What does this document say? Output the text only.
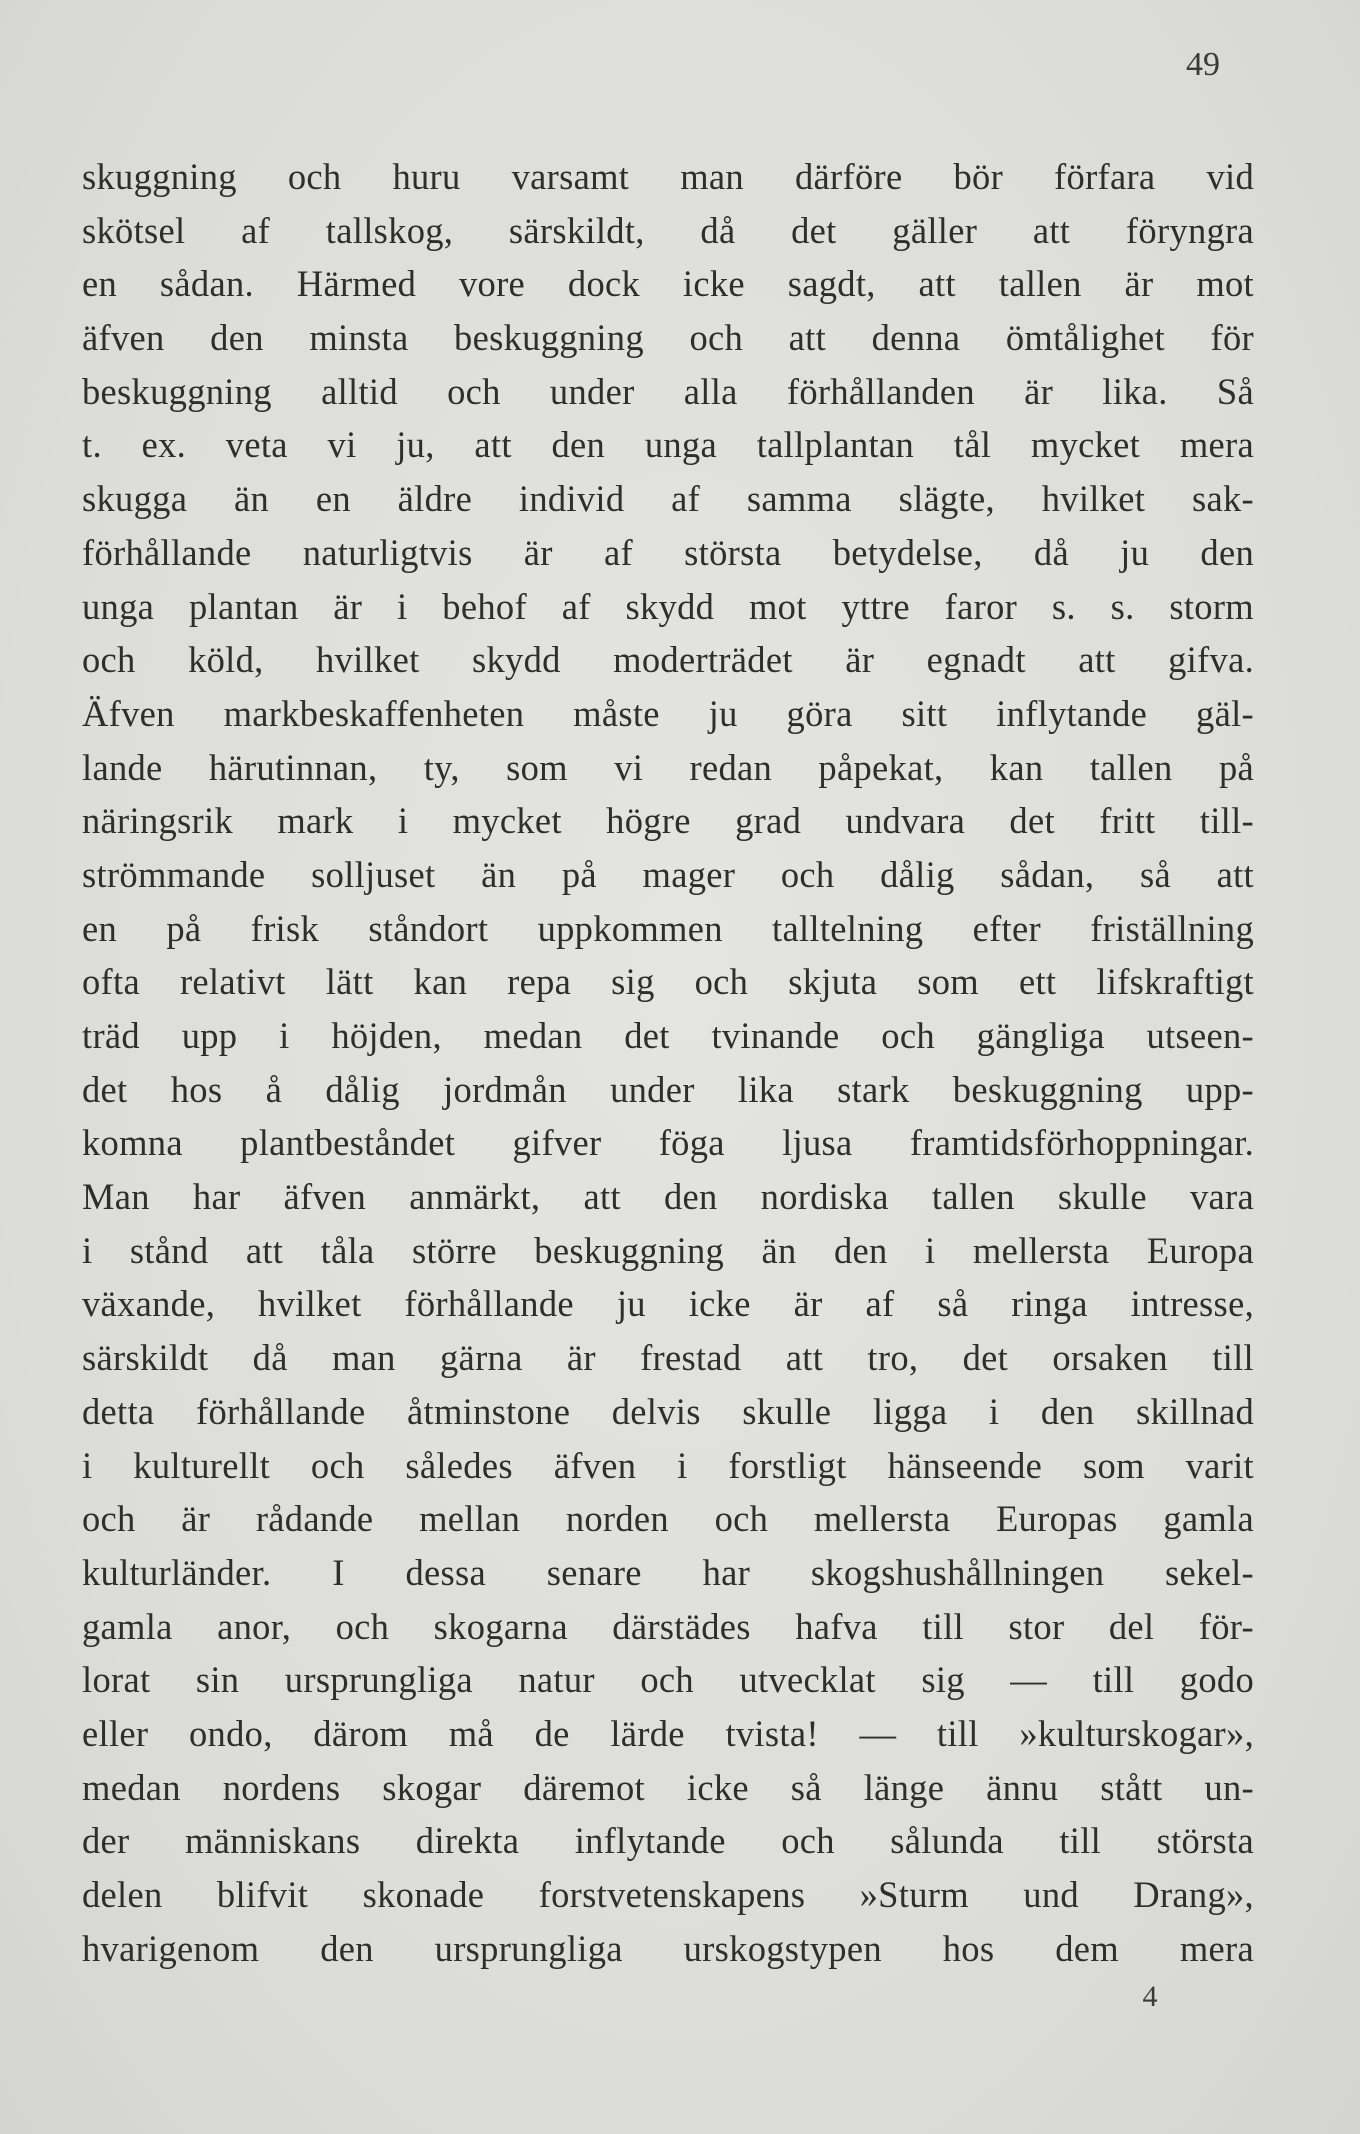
49
skuggning och huru varsamt man därföre bör förfara vid
skötsel af tallskog, särskildt, då det gäller att föryngra
en sådan. Härmed vore dock icke sagdt, att tallen är mot
äfven den minsta beskuggning och att denna ömtålighet för
beskuggning alltid och under alla förhållanden är lika. Så
t. ex. veta vi ju, att den unga tallplantan tål mycket mera
skugga än en äldre individ af samma slägte, hvilket sak-
förhållande naturligtvis är af största betydelse, då ju den
unga plantan är i behof af skydd mot yttre faror s. s. storm
och köld, hvilket skydd moderträdet är egnadt att gifva.
Äfven markbeskaffenheten måste ju göra sitt inflytande gäl-
lande härutinnan, ty, som vi redan påpekat, kan tallen på
näringsrik mark i mycket högre grad undvara det fritt till-
strömmande solljuset än på mager och dålig sådan, så att
en på frisk ståndort uppkommen talltelning efter friställning
ofta relativt lätt kan repa sig och skjuta som ett lifskraftigt
träd upp i höjden, medan det tvinande och gängliga utseen-
det hos å dålig jordmån under lika stark beskuggning upp-
komna plantbeståndet gifver föga ljusa framtidsförhoppningar.
Man har äfven anmärkt, att den nordiska tallen skulle vara
i stånd att tåla större beskuggning än den i mellersta Europa
växande, hvilket förhållande ju icke är af så ringa intresse,
särskildt då man gärna är frestad att tro, det orsaken till
detta förhållande åtminstone delvis skulle ligga i den skillnad
i kulturellt och således äfven i forstligt hänseende som varit
och är rådande mellan norden och mellersta Europas gamla
kulturländer. I dessa senare har skogshushållningen sekel-
gamla anor, och skogarna därstädes hafva till stor del för-
lorat sin ursprungliga natur och utvecklat sig — till godo
eller ondo, därom må de lärde tvista! — till »kulturskogar»,
medan nordens skogar däremot icke så länge ännu stått un-
der människans direkta inflytande och sålunda till största
delen blifvit skonade forstvetenskapens »Sturm und Drang»,
hvarigenom den ursprungliga urskogstypen hos dem mera
4
